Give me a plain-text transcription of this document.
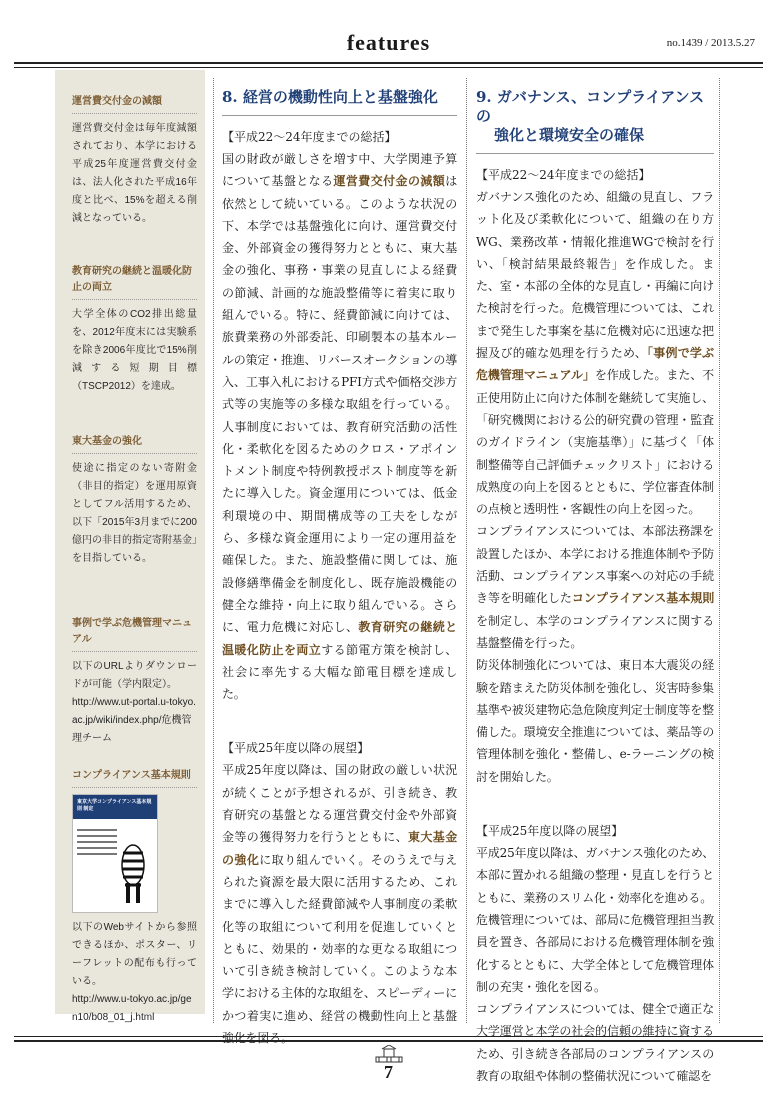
features	no.1439 / 2013.5.27
運営費交付金の減額

運営費交付金は毎年度減額されており、本学における平成25年度運営費交付金は、法人化された平成16年度と比べ、15%を超える削減となっている。

教育研究の継続と温暖化防止の両立

大学全体のCO2排出総量を、2012年度末には実験系を除き2006年度比で15%削減する短期目標（TSCP2012）を達成。

東大基金の強化

使途に指定のない寄附金（非目的指定）を運用原資としてフル活用するため、以下「2015年3月までに200億円の非目的指定寄附基金」を目指している。

事例で学ぶ危機管理マニュアル

以下のURLよりダウンロードが可能（学内限定）。

http://www.ut-portal.u-tokyo.ac.jp/wiki/index.php/危機管理チーム
コンプライアンス基本規則
東京大学コンプライアンス基本規則 制定

以下のWebサイトから参照できるほか、ポスター、リーフレットの配布も行っている。

http://www.u-tokyo.ac.jp/gen10/b08_01_j.html
8. 経営の機動性向上と基盤強化
【平成22〜24年度までの総括】

国の財政が厳しさを増す中、大学関連予算について基盤となる運営費交付金の減額は依然として続いている。このような状況の下、本学では基盤強化に向け、運営費交付金、外部資金の獲得努力とともに、東大基金の強化、事務・事業の見直しによる経費の節減、計画的な施設整備等に着実に取り組んでいる。特に、経費節減に向けては、旅費業務の外部委託、印刷製本の基本ルールの策定・推進、リバースオークションの導入、工事入札におけるPFI方式や価格交渉方式等の実施等の多様な取組を行っている。人事制度においては、教育研究活動の活性化・柔軟化を図るためのクロス・アポイントメント制度や特例教授ポスト制度等を新たに導入した。資金運用については、低金利環境の中、期間構成等の工夫をしながら、多様な資金運用により一定の運用益を確保した。また、施設整備に関しては、施設修繕準備金を制度化し、既存施設機能の健全な維持・向上に取り組んでいる。さらに、電力危機に対応し、教育研究の継続と温暖化防止を両立する節電方策を検討し、社会に率先する大幅な節電目標を達成した。

【平成25年度以降の展望】

平成25年度以降は、国の財政の厳しい状況が続くことが予想されるが、引き続き、教育研究の基盤となる運営費交付金や外部資金等の獲得努力を行うとともに、東大基金の強化に取り組んでいく。そのうえで与えられた資源を最大限に活用するため、これまでに導入した経費節減や人事制度の柔軟化等の取組について利用を促進していくとともに、効果的・効率的な更なる取組について引き続き検討していく。このような本学における主体的な取組を、スピーディーにかつ着実に進め、経営の機動性向上と基盤強化を図る。

9. ガバナンス、コンプライアンスの
強化と環境安全の確保
【平成22〜24年度までの総括】

ガバナンス強化のため、組織の見直し、フラット化及び柔軟化について、組織の在り方WG、業務改革・情報化推進WGで検討を行い、「検討結果最終報告」を作成した。また、室・本部の全体的な見直し・再編に向けた検討を行った。危機管理については、これまで発生した事案を基に危機対応に迅速な把握及び的確な処理を行うため、「事例で学ぶ危機管理マニュアル」を作成した。また、不正使用防止に向けた体制を継続して実施し、「研究機関における公的研究費の管理・監査のガイドライン（実施基準）」に基づく「体制整備等自己評価チェックリスト」における成熟度の向上を図るとともに、学位審査体制の点検と透明性・客観性の向上を図った。

コンプライアンスについては、本部法務課を設置したほか、本学における推進体制や予防活動、コンプライアンス事案への対応の手続き等を明確化したコンプライアンス基本規則を制定し、本学のコンプライアンスに関する基盤整備を行った。

防災体制強化については、東日本大震災の経験を踏まえた防災体制を強化し、災害時参集基準や被災建物応急危険度判定士制度等を整備した。環境安全推進については、薬品等の管理体制を強化・整備し、e-ラーニングの検討を開始した。

【平成25年度以降の展望】

平成25年度以降は、ガバナンス強化のため、本部に置かれる組織の整理・見直しを行うとともに、業務のスリム化・効率化を進める。

危機管理については、部局に危機管理担当教員を置き、各部局における危機管理体制を強化するとともに、大学全体として危機管理体制の充実・強化を図る。

コンプライアンスについては、健全で適正な大学運営と本学の社会的信頼の維持に資するため、引き続き各部局のコンプライアンスの教育の取組や体制の整備状況について確認を

7
